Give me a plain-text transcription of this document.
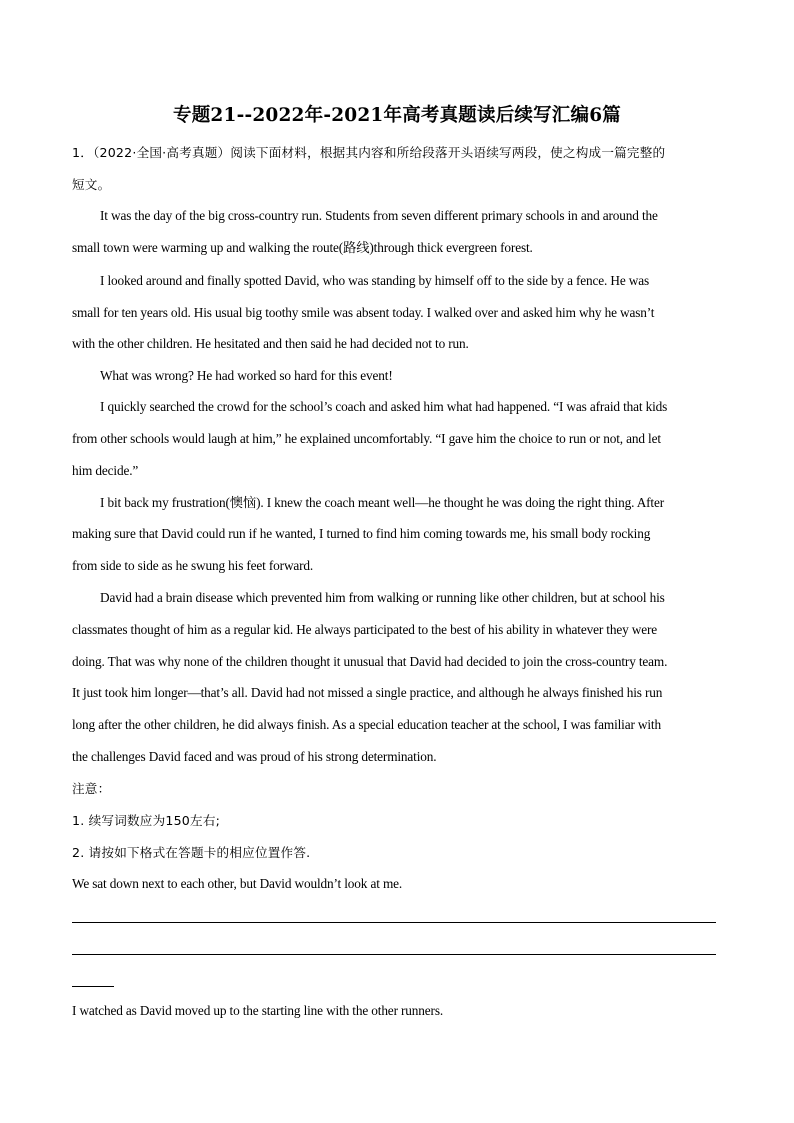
专题21--2022年-2021年高考真题读后续写汇编6篇
1．（2022·全国·高考真题）阅读下面材料，根据其内容和所给段落开头语续写两段，使之构成一篇完整的
短文。
It was the day of the big cross-country run. Students from seven different primary schools in and around the
small town were warming up and walking the route(路线)through thick evergreen forest.
I looked around and finally spotted David, who was standing by himself off to the side by a fence. He was
small for ten years old. His usual big toothy smile was absent today. I walked over and asked him why he wasn’t
with the other children. He hesitated and then said he had decided not to run.
What was wrong? He had worked so hard for this event!
I quickly searched the crowd for the school’s coach and asked him what had happened. “I was afraid that kids
from other schools would laugh at him,” he explained uncomfortably. “I gave him the choice to run or not, and let
him decide.”
I bit back my frustration(懊恼). I knew the coach meant well—he thought he was doing the right thing. After
making sure that David could run if he wanted, I turned to find him coming towards me, his small body rocking
from side to side as he swung his feet forward.
David had a brain disease which prevented him from walking or running like other children, but at school his
classmates thought of him as a regular kid. He always participated to the best of his ability in whatever they were
doing. That was why none of the children thought it unusual that David had decided to join the cross-country team.
It just took him longer—that’s all. David had not missed a single practice, and although he always finished his run
long after the other children, he did always finish. As a special education teacher at the school, I was familiar with
the challenges David faced and was proud of his strong determination.
注意：
1. 续写词数应为150左右;
2. 请按如下格式在答题卡的相应位置作答.
We sat down next to each other, but David wouldn’t look at me.
I watched as David moved up to the starting line with the other runners.
